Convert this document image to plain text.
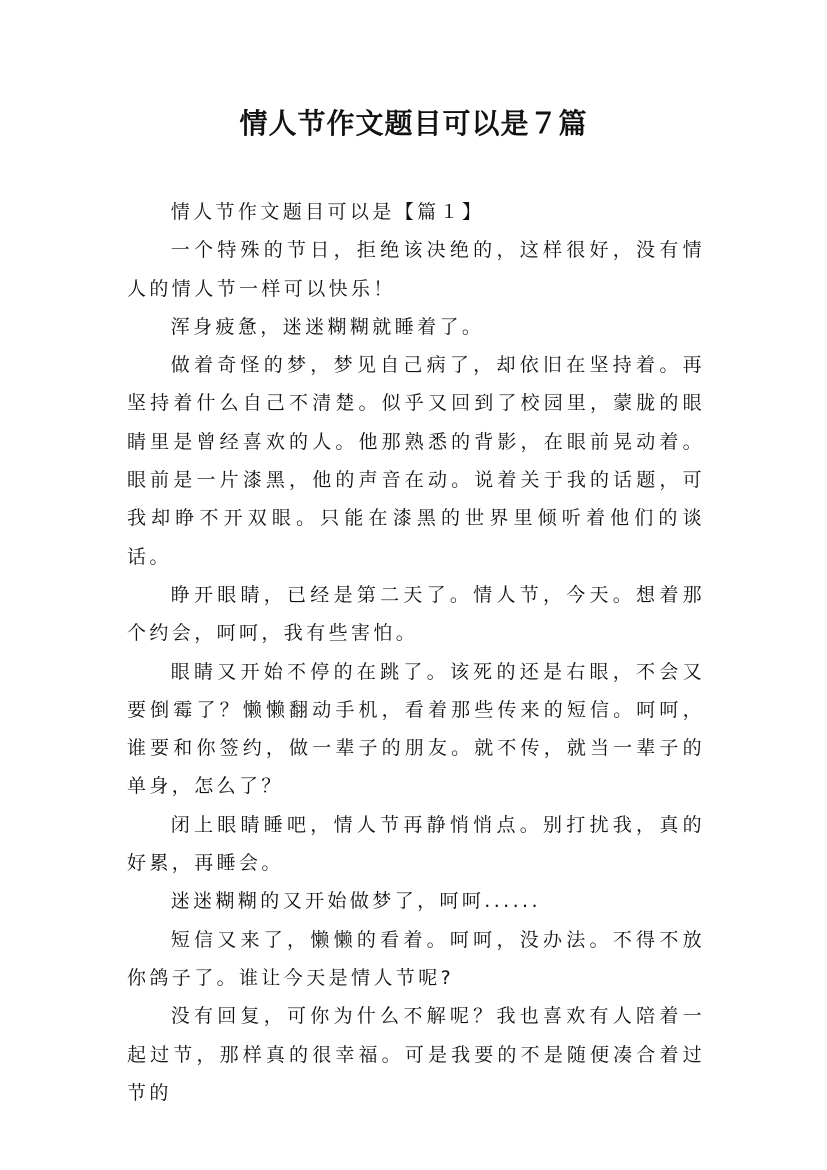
情人节作文题目可以是７篇

情人节作文题目可以是【篇１】

一个特殊的节日，拒绝该决绝的，这样很好，没有情人的情人节一样可以快乐！

浑身疲惫，迷迷糊糊就睡着了。

做着奇怪的梦，梦见自己病了，却依旧在坚持着。再坚持着什么自己不清楚。似乎又回到了校园里，蒙胧的眼睛里是曾经喜欢的人。他那熟悉的背影，在眼前晃动着。眼前是一片漆黑，他的声音在动。说着关于我的话题，可我却睁不开双眼。只能在漆黑的世界里倾听着他们的谈话。

睁开眼睛，已经是第二天了。情人节，今天。想着那个约会，呵呵，我有些害怕。

眼睛又开始不停的在跳了。该死的还是右眼，不会又要倒霉了？懒懒翻动手机，看着那些传来的短信。呵呵，谁要和你签约，做一辈子的朋友。就不传，就当一辈子的单身，怎么了？

闭上眼睛睡吧，情人节再静悄悄点。别打扰我，真的好累，再睡会。

迷迷糊糊的又开始做梦了，呵呵......

短信又来了，懒懒的看着。呵呵，没办法。不得不放你鸽子了。谁让今天是情人节呢?

没有回复，可你为什么不解呢？我也喜欢有人陪着一起过节，那样真的很幸福。可是我要的不是随便凑合着过节的
